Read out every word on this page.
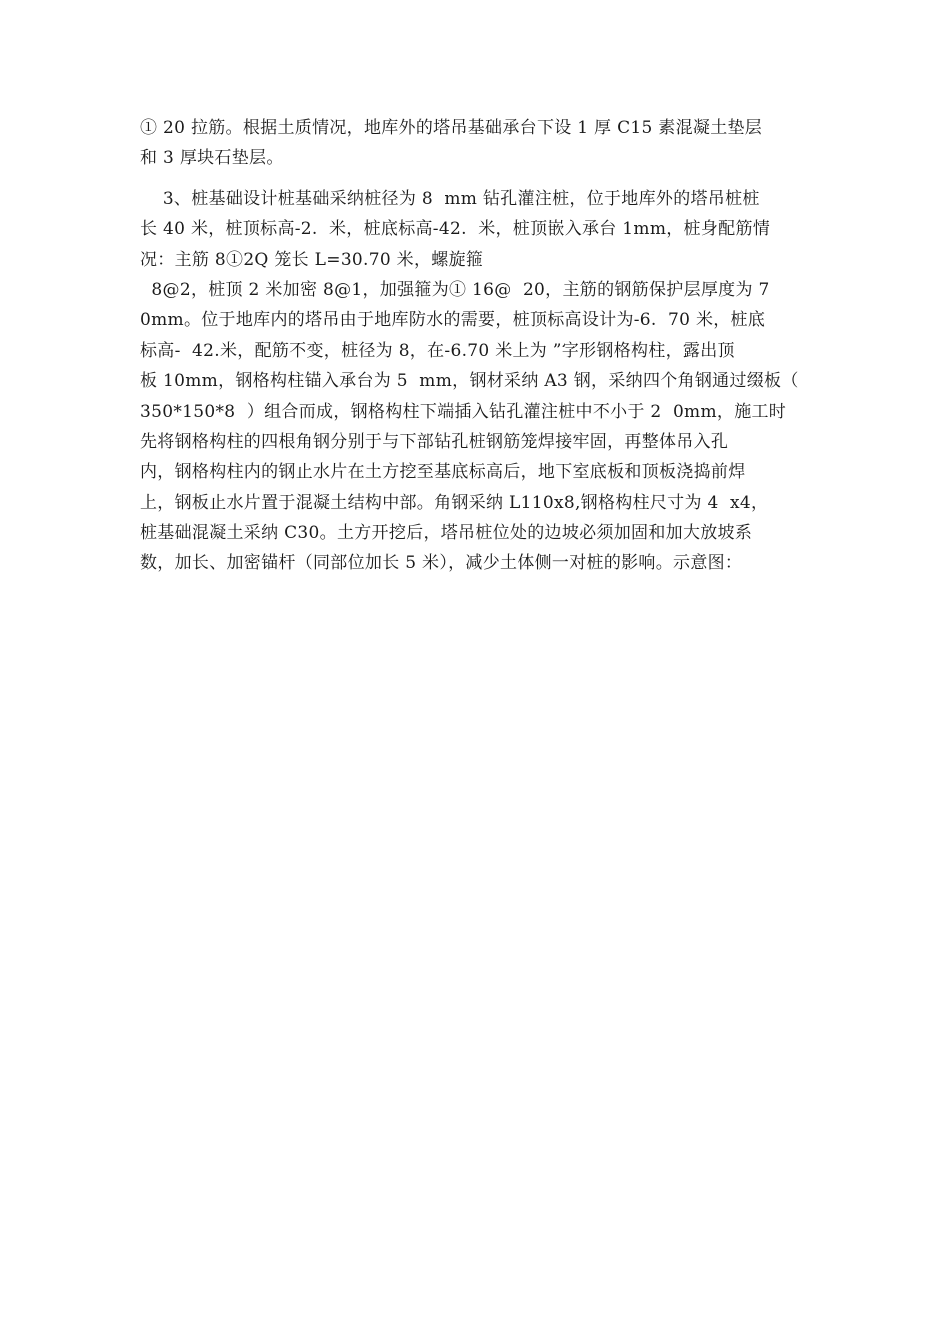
① 20 拉筋。根据土质情况，地库外的塔吊基础承台下设 1 厚 C15 素混凝土垫层
和 3 厚块石垫层。
3、桩基础设计桩基础采纳桩径为 8  mm 钻孔灌注桩，位于地库外的塔吊桩桩
长 40 米，桩顶标高-2.  米，桩底标高-42.  米，桩顶嵌入承台 1mm，桩身配筋情
况：主筋 8①2Q 笼长 L=30.70 米，螺旋箍
8@2，桩顶 2 米加密 8@1，加强箍为① 16@  20，主筋的钢筋保护层厚度为 7
0mm。位于地库内的塔吊由于地库防水的需要，桩顶标高设计为-6.  70 米，桩底
标高-  42.米，配筋不变，桩径为 8，在-6.70 米上为 ”字形钢格构柱，露出顶
板 10mm，钢格构柱锚入承台为 5  mm，钢材采纳 A3 钢，采纳四个角钢通过缀板（
350*150*8  ）组合而成，钢格构柱下端插入钻孔灌注桩中不小于 2  0mm，施工时
先将钢格构柱的四根角钢分别于与下部钻孔桩钢筋笼焊接牢固，再整体吊入孔
内，钢格构柱内的钢止水片在土方挖至基底标高后，地下室底板和顶板浇捣前焊
上，钢板止水片置于混凝土结构中部。角钢采纳 L110x8,钢格构柱尺寸为 4  x4，
桩基础混凝土采纳 C30。土方开挖后，塔吊桩位处的边坡必须加固和加大放坡系
数，加长、加密锚杆（同部位加长 5 米），减少土体侧一对桩的影响。示意图：
